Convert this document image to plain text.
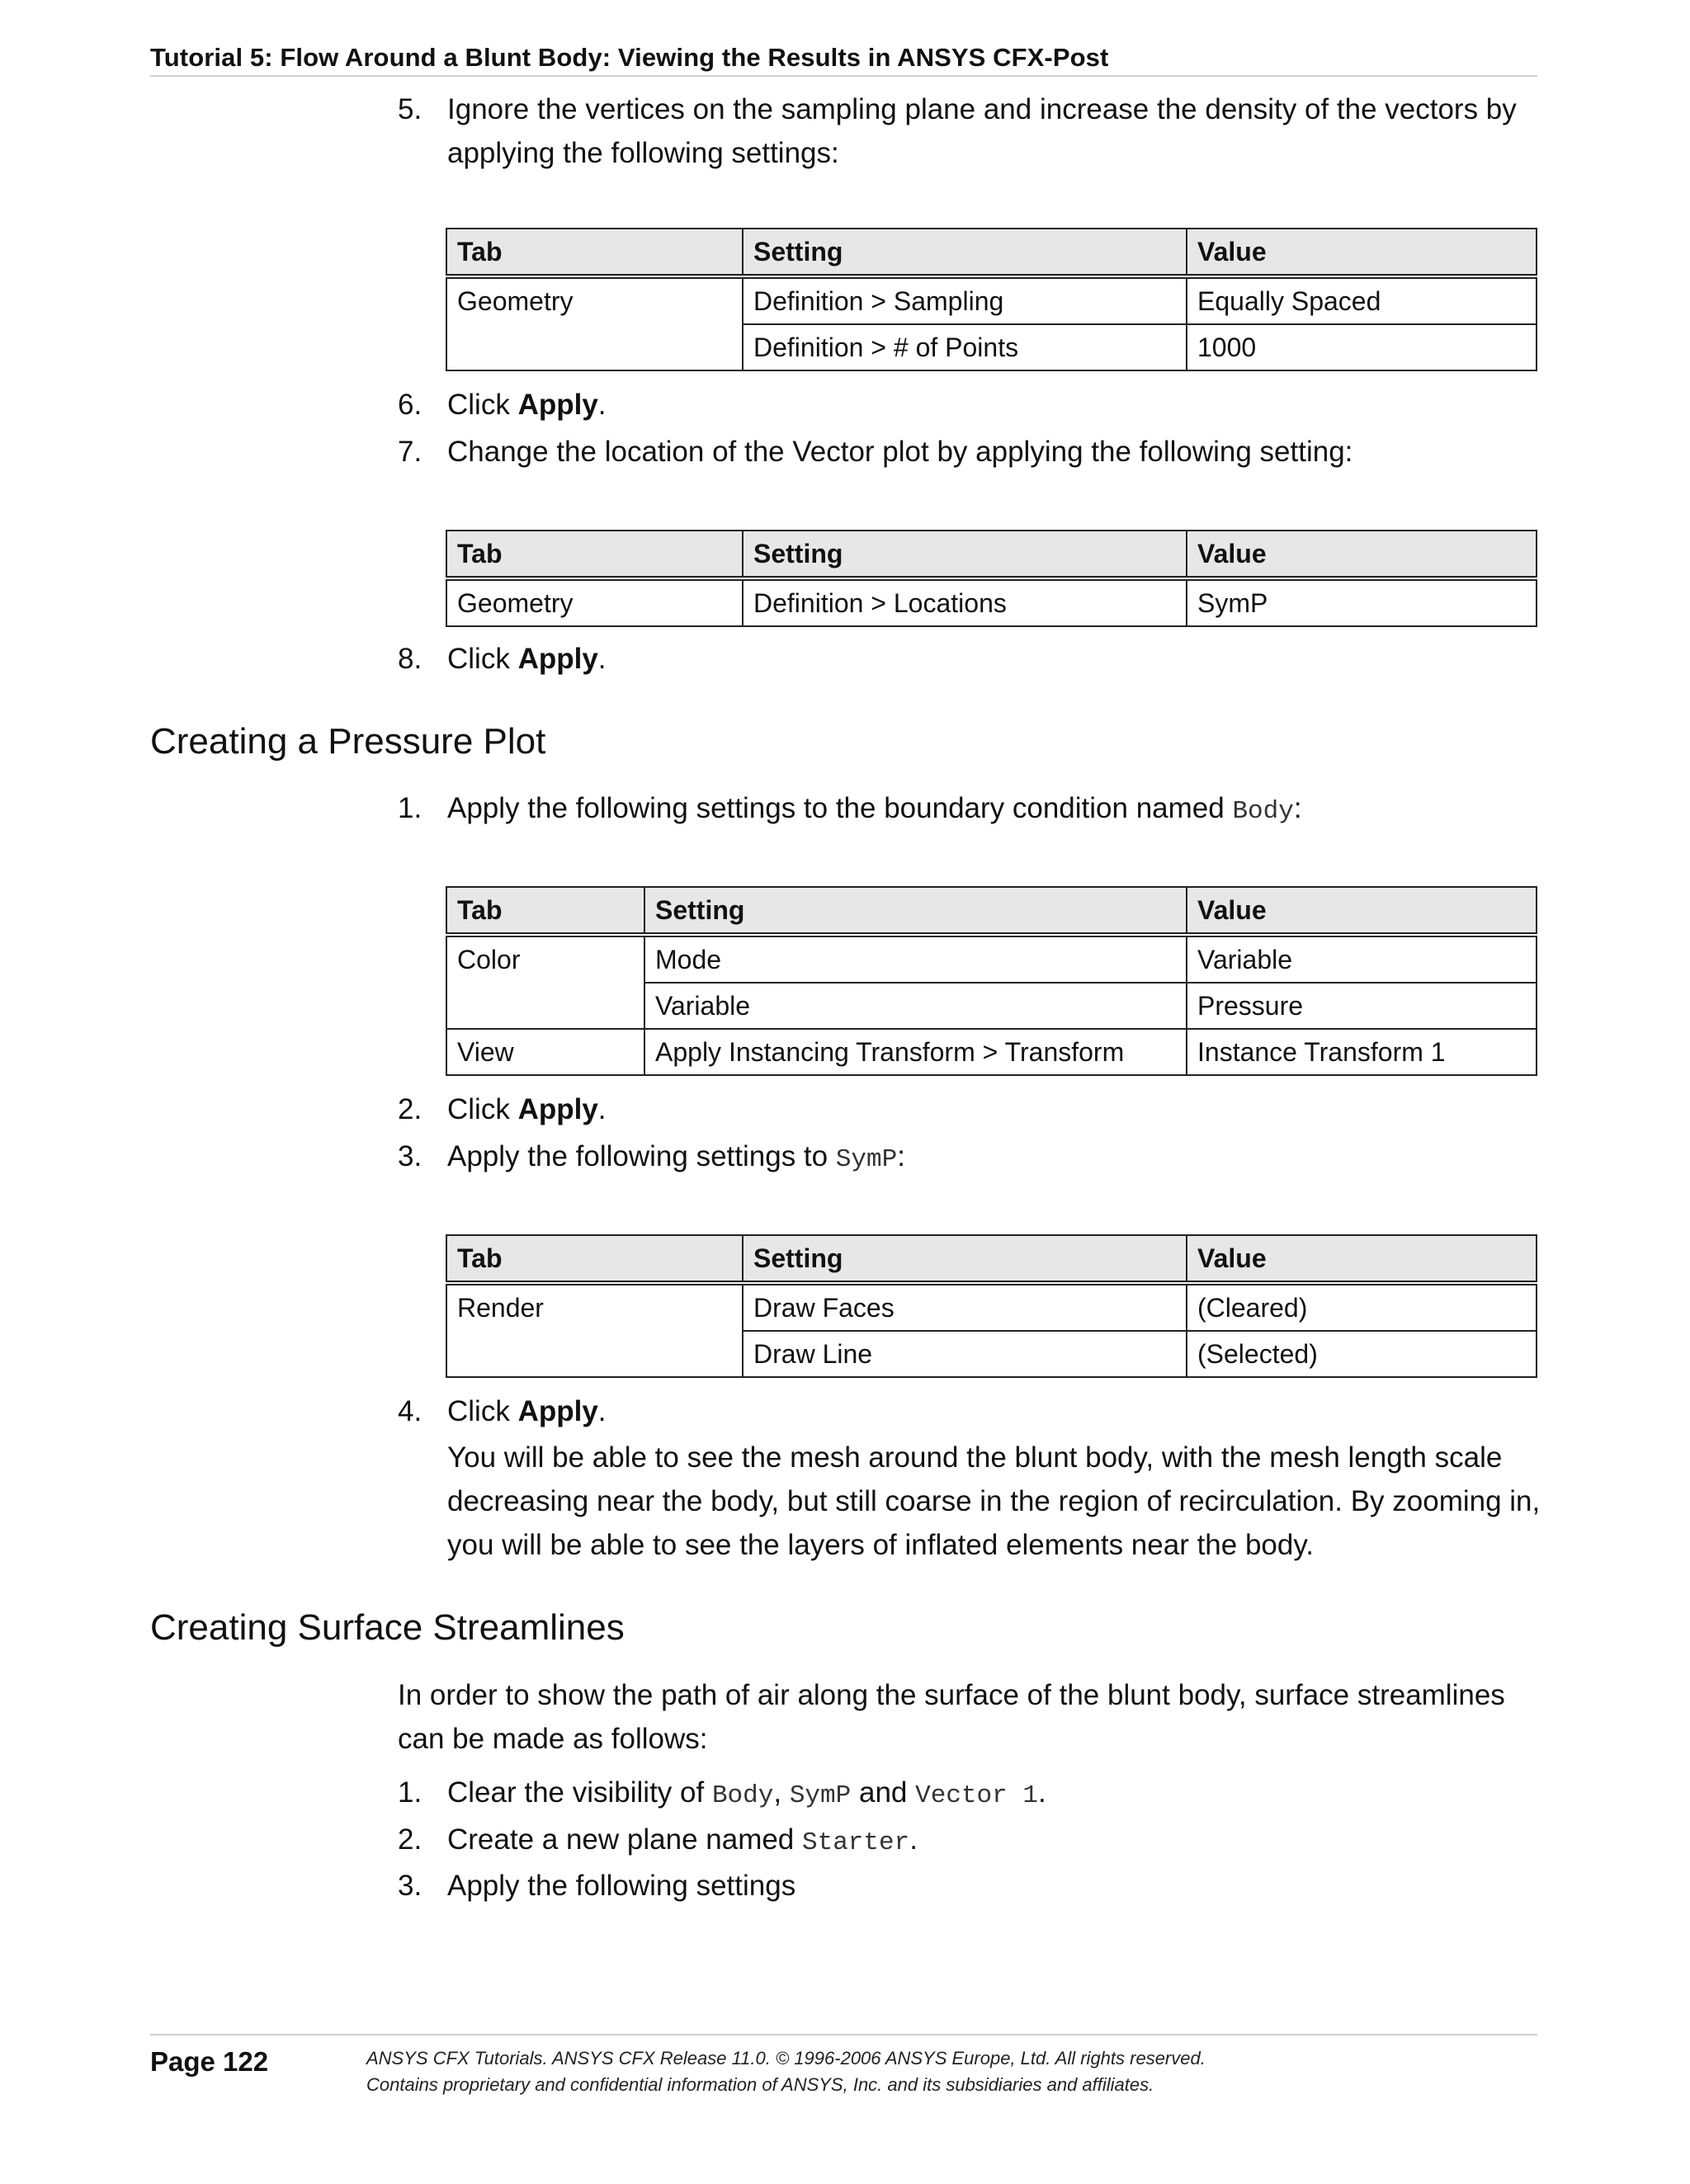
Tutorial 5: Flow Around a Blunt Body: Viewing the Results in ANSYS CFX-Post
5. Ignore the vertices on the sampling plane and increase the density of the vectors by
applying the following settings:
Tab	Setting	Value
Geometry	Definition > Sampling	Equally Spaced
	Definition > # of Points	1000
6. Click Apply.
7. Change the location of the Vector plot by applying the following setting:
Tab	Setting	Value
Geometry	Definition > Locations	SymP
8. Click Apply.
Creating a Pressure Plot
1. Apply the following settings to the boundary condition named Body:
Tab	Setting	Value
Color	Mode	Variable
	Variable	Pressure
View	Apply Instancing Transform > Transform	Instance Transform 1
2. Click Apply.
3. Apply the following settings to SymP:
Tab	Setting	Value
Render	Draw Faces	(Cleared)
	Draw Line	(Selected)
4. Click Apply.
You will be able to see the mesh around the blunt body, with the mesh length scale decreasing near the body, but still coarse in the region of recirculation. By zooming in, you will be able to see the layers of inflated elements near the body.
Creating Surface Streamlines
In order to show the path of air along the surface of the blunt body, surface streamlines can be made as follows:
1. Clear the visibility of Body, SymP and Vector 1.
2. Create a new plane named Starter.
3. Apply the following settings
Page 122	ANSYS CFX Tutorials. ANSYS CFX Release 11.0. © 1996-2006 ANSYS Europe, Ltd. All rights reserved.
Contains proprietary and confidential information of ANSYS, Inc. and its subsidiaries and affiliates.
